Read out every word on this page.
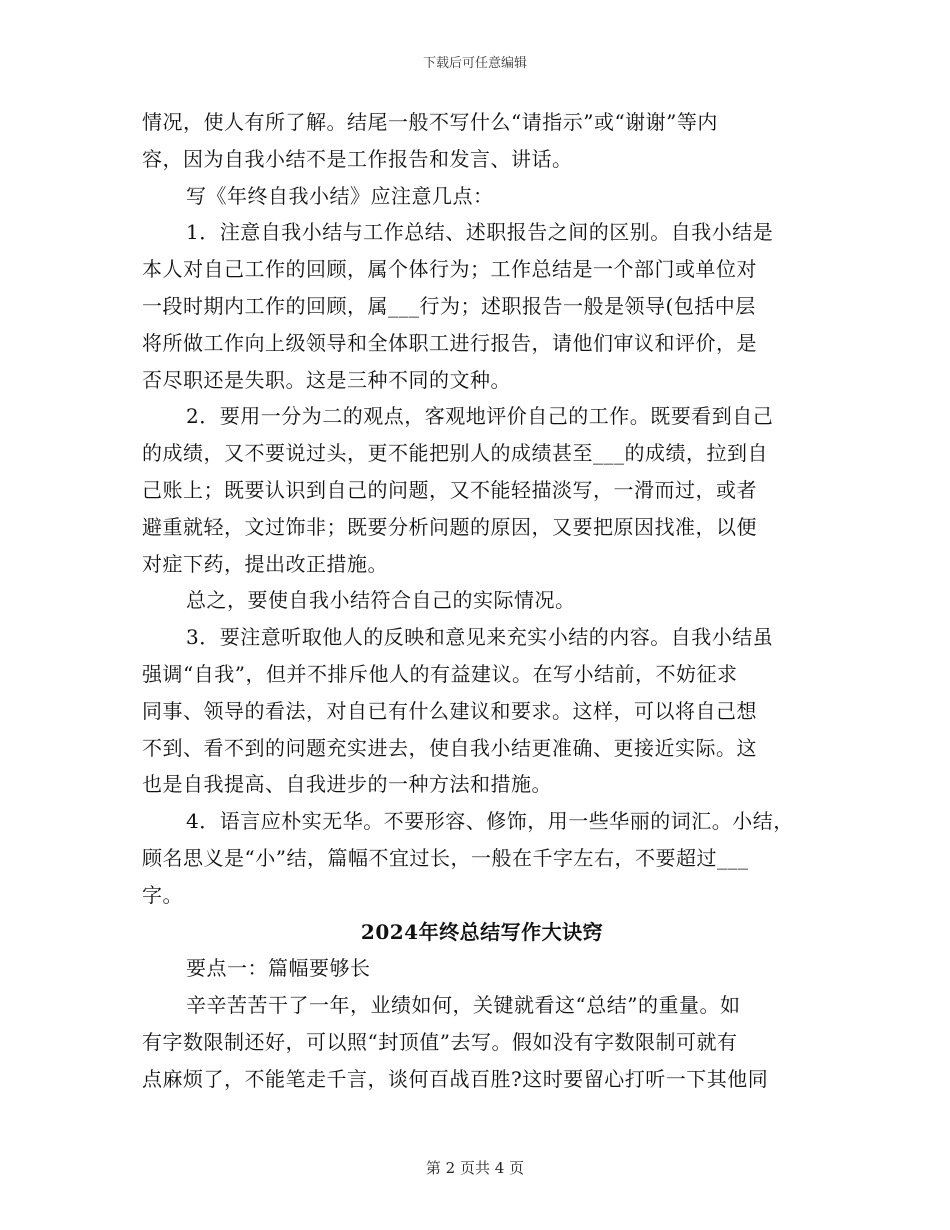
下载后可任意编辑
情况，使人有所了解。结尾一般不写什么“请指示”或“谢谢”等内
容，因为自我小结不是工作报告和发言、讲话。
写《年终自我小结》应注意几点：
1．注意自我小结与工作总结、述职报告之间的区别。自我小结是
本人对自己工作的回顾，属个体行为；工作总结是一个部门或单位对
一段时期内工作的回顾，属___行为；述职报告一般是领导(包括中层
将所做工作向上级领导和全体职工进行报告，请他们审议和评价，是
否尽职还是失职。这是三种不同的文种。
2．要用一分为二的观点，客观地评价自己的工作。既要看到自己
的成绩，又不要说过头，更不能把别人的成绩甚至___的成绩，拉到自
己账上；既要认识到自己的问题，又不能轻描淡写，一滑而过，或者
避重就轻，文过饰非；既要分析问题的原因，又要把原因找准，以便
对症下药，提出改正措施。
总之，要使自我小结符合自己的实际情况。
3．要注意听取他人的反映和意见来充实小结的内容。自我小结虽
强调“自我”，但并不排斥他人的有益建议。在写小结前，不妨征求
同事、领导的看法，对自已有什么建议和要求。这样，可以将自己想
不到、看不到的问题充实进去，使自我小结更准确、更接近实际。这
也是自我提高、自我进步的一种方法和措施。
4．语言应朴实无华。不要形容、修饰，用一些华丽的词汇。小结，
顾名思义是“小”结，篇幅不宜过长，一般在千字左右，不要超过___
字。
2024年终总结写作大诀窍
要点一：篇幅要够长
辛辛苦苦干了一年，业绩如何，关键就看这“总结”的重量。如
有字数限制还好，可以照“封顶值”去写。假如没有字数限制可就有
点麻烦了，不能笔走千言，谈何百战百胜?这时要留心打听一下其他同
第 2 页共 4 页
